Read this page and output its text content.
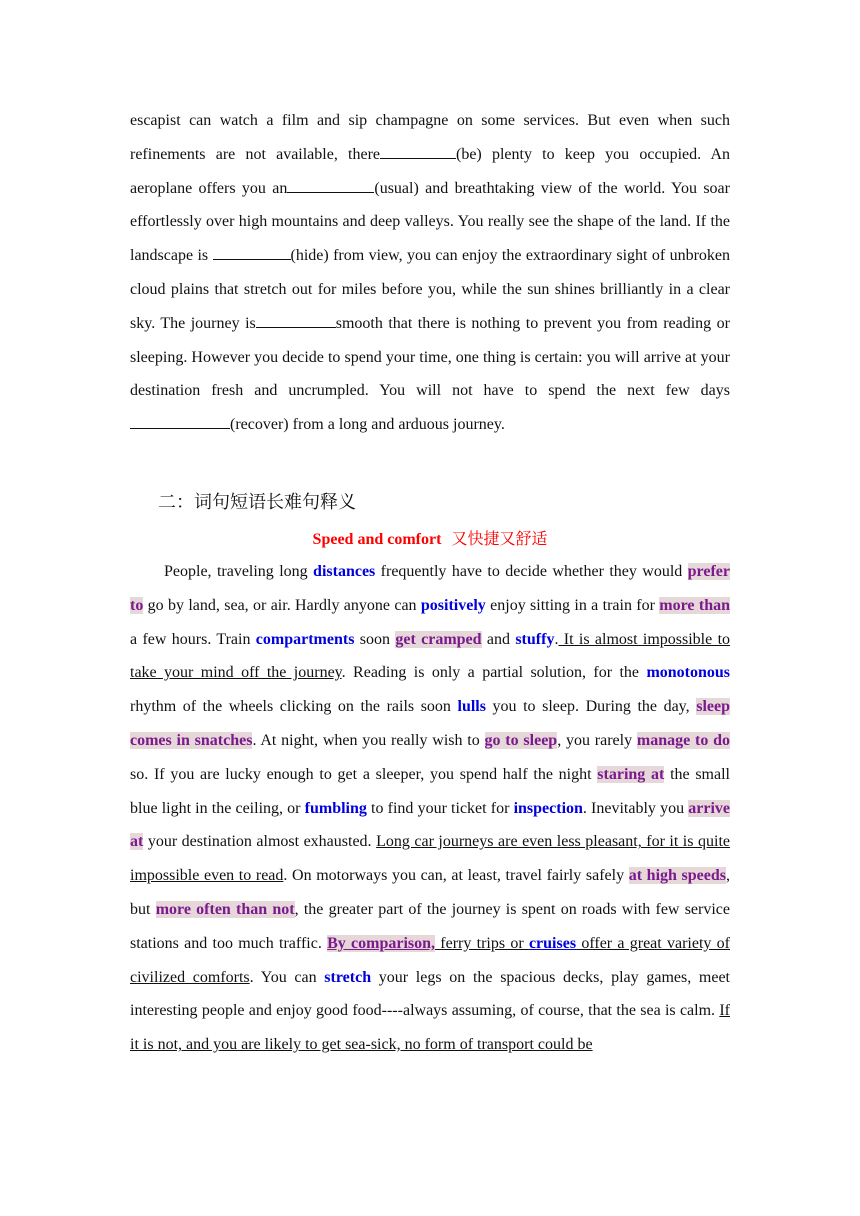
escapist can watch a film and sip champagne on some services. But even when such refinements are not available, there	(be) plenty to keep you occupied. An aeroplane offers you an	(usual) and breathtaking view of the world. You soar effortlessly over high mountains and deep valleys. You really see the shape of the land. If the landscape is	(hide) from view, you can enjoy the extraordinary sight of unbroken cloud plains that stretch out for miles before you, while the sun shines brilliantly in a clear sky. The journey is	smooth that there is nothing to prevent you from reading or sleeping. However you decide to spend your time, one thing is certain: you will arrive at your destination fresh and uncrumpled. You will not have to spend the next few days (recover) from a long and arduous journey.
二：词句短语长难句释义
Speed and comfort 又快捷又舒适
People, traveling long distances frequently have to decide whether they would prefer to go by land, sea, or air. Hardly anyone can positively enjoy sitting in a train for more than a few hours. Train compartments soon get cramped and stuffy. It is almost impossible to take your mind off the journey. Reading is only a partial solution, for the monotonous rhythm of the wheels clicking on the rails soon lulls you to sleep. During the day, sleep comes in snatches. At night, when you really wish to go to sleep, you rarely manage to do so. If you are lucky enough to get a sleeper, you spend half the night staring at the small blue light in the ceiling, or fumbling to find your ticket for inspection. Inevitably you arrive at your destination almost exhausted. Long car journeys are even less pleasant, for it is quite impossible even to read. On motorways you can, at least, travel fairly safely at high speeds, but more often than not, the greater part of the journey is spent on roads with few service stations and too much traffic. By comparison, ferry trips or cruises offer a great variety of civilized comforts. You can stretch your legs on the spacious decks, play games, meet interesting people and enjoy good food----always assuming, of course, that the sea is calm. If it is not, and you are likely to get sea-sick, no form of transport could be
